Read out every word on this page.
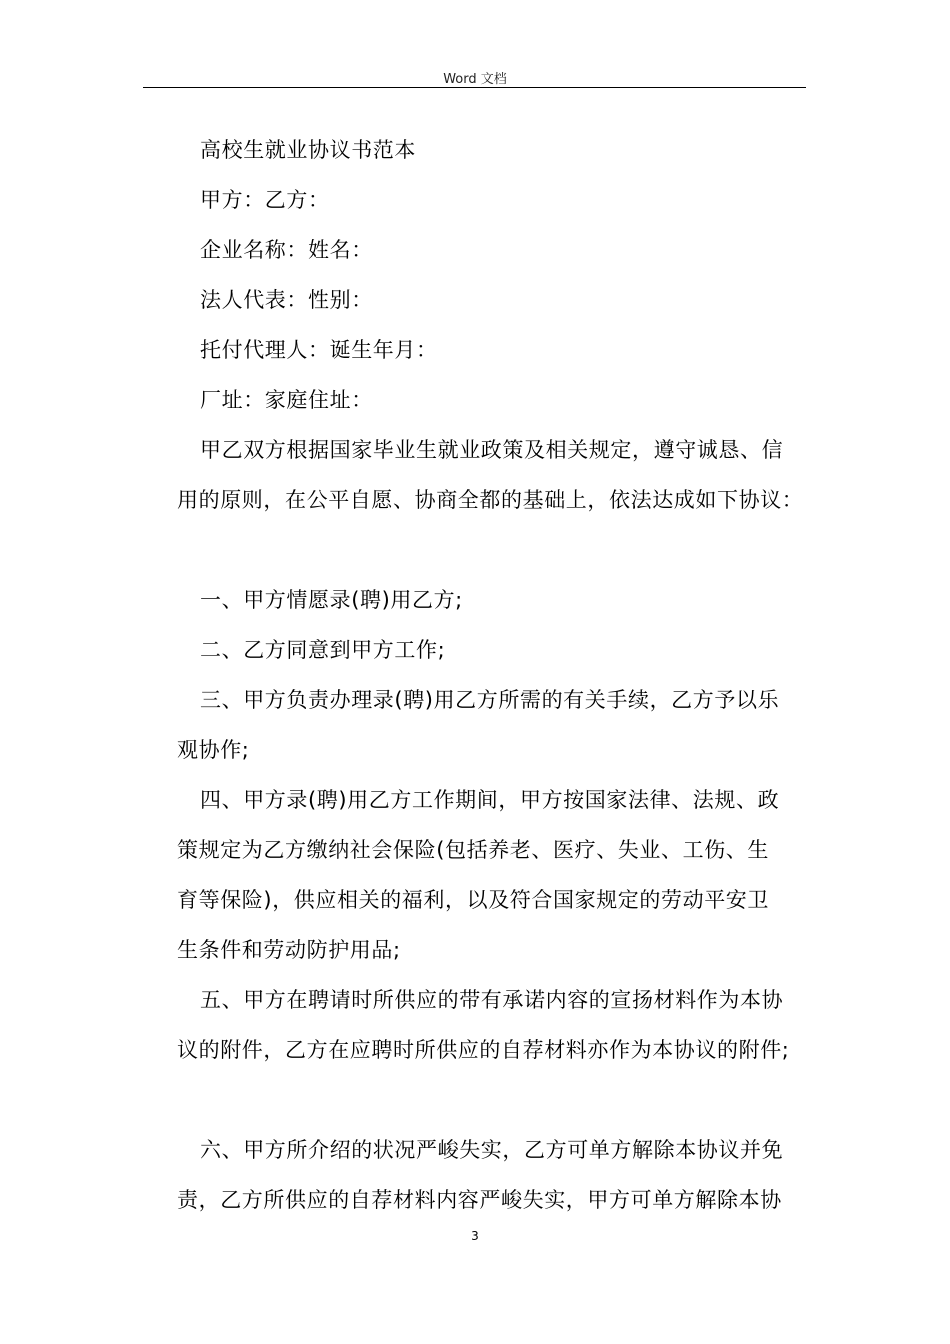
Word 文档
高校生就业协议书范本
甲方：乙方：
企业名称：姓名：
法人代表：性别：
托付代理人：诞生年月：
厂址：家庭住址：
甲乙双方根据国家毕业生就业政策及相关规定，遵守诚恳、信
用的原则，在公平自愿、协商全都的基础上，依法达成如下协议：
一、甲方情愿录(聘)用乙方;
二、乙方同意到甲方工作;
三、甲方负责办理录(聘)用乙方所需的有关手续，乙方予以乐
观协作;
四、甲方录(聘)用乙方工作期间，甲方按国家法律、法规、政
策规定为乙方缴纳社会保险(包括养老、医疗、失业、工伤、生
育等保险)，供应相关的福利，以及符合国家规定的劳动平安卫
生条件和劳动防护用品;
五、甲方在聘请时所供应的带有承诺内容的宣扬材料作为本协
议的附件，乙方在应聘时所供应的自荐材料亦作为本协议的附件;
六、甲方所介绍的状况严峻失实，乙方可单方解除本协议并免
责，乙方所供应的自荐材料内容严峻失实，甲方可单方解除本协
3
